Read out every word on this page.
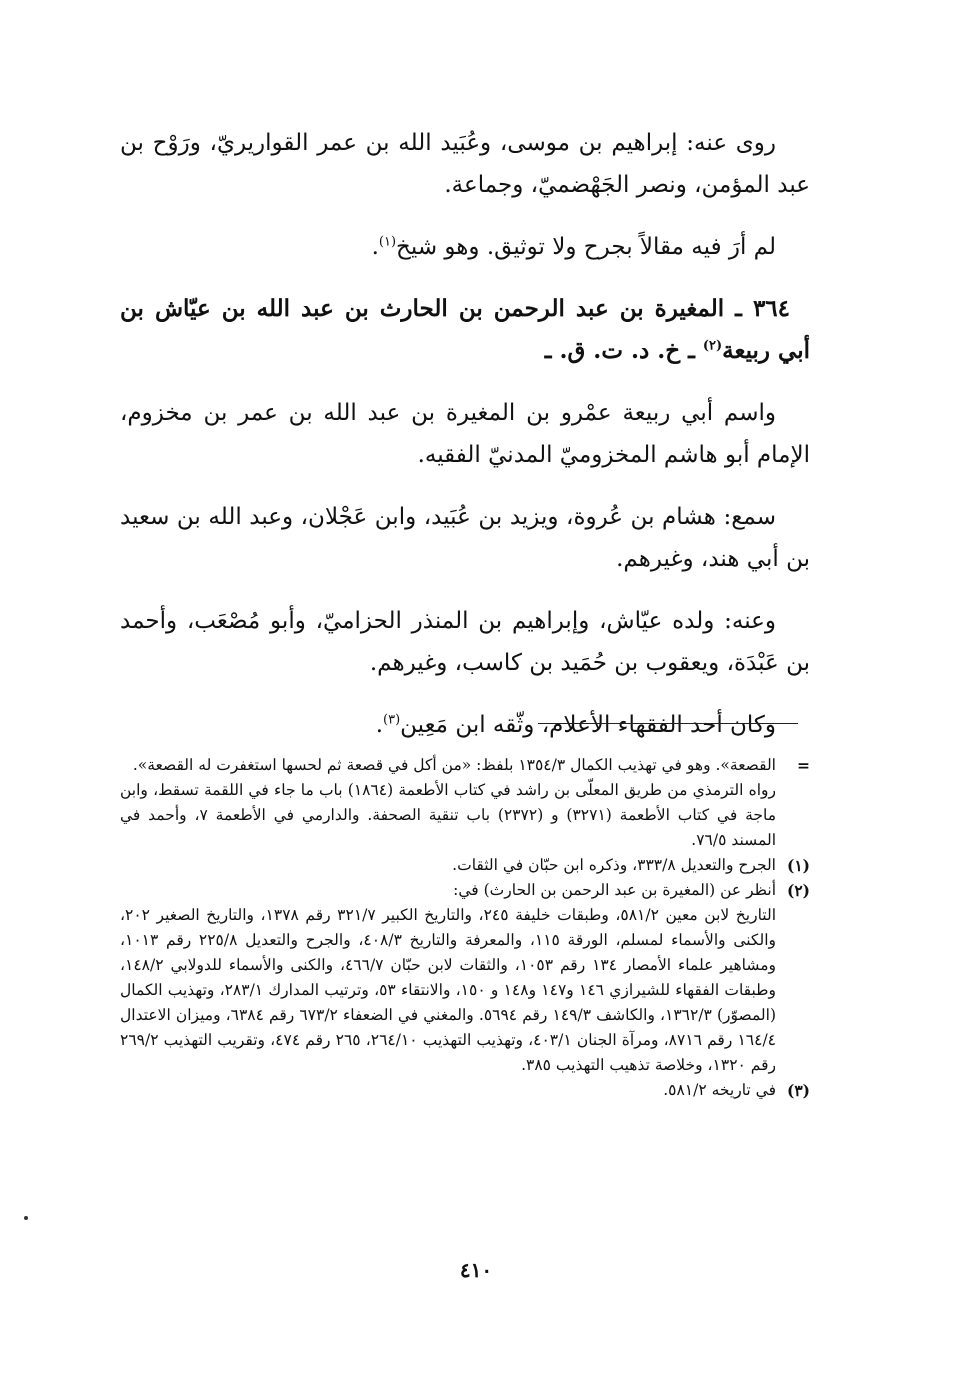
روى عنه: إبراهيم بن موسى، وعُبَيد الله بن عمر القواريريّ، ورَوْح بن عبد المؤمن، ونصر الجَهْضميّ، وجماعة.

لم أرَ فيه مقالاً بجرح ولا توثيق. وهو شيخ$^{(١)}$.

٣٦٤ ـ المغيرة بن عبد الرحمن بن الحارث بن عبد الله بن عيّاش بن أبي ربيعة$^{(٢)}$ ـ خ. د. ت. ق. ـ

واسم أبي ربيعة عمْرو بن المغيرة بن عبد الله بن عمر بن مخزوم، الإمام أبو هاشم المخزوميّ المدنيّ الفقيه.

سمع: هشام بن عُروة، ويزيد بن عُبَيد، وابن عَجْلان، وعبد الله بن سعيد بن أبي هند، وغيرهم.

وعنه: ولده عيّاش، وإبراهيم بن المنذر الحزاميّ، وأبو مُصْعَب، وأحمد بن عَبْدَة، ويعقوب بن حُمَيد بن كاسب، وغيرهم.

وكان أحد الفقهاء الأعلام، وثّقه ابن مَعِين$^{(٣)}$.

=
القصعة». وهو في تهذيب الكمال ١٣٥٤/٣ بلفظ: «من أكل في قصعة ثم لحسها استغفرت له القصعة».
رواه الترمذي من طريق المعلّى بن راشد في كتاب الأطعمة (١٨٦٤) باب ما جاء في اللقمة تسقط، وابن ماجة في كتاب الأطعمة (٣٢٧١) و (٢٣٧٢) باب تنقية الصحفة. والدارمي في الأطعمة ٧، وأحمد في المسند ٧٦/٥.
(١)
الجرح والتعديل ٣٣٣/٨، وذكره ابن حبّان في الثقات.
(٢)
أنظر عن (المغيرة بن عبد الرحمن بن الحارث) في:
التاريخ لابن معين ٥٨١/٢، وطبقات خليفة ٢٤٥، والتاريخ الكبير ٣٢١/٧ رقم ١٣٧٨، والتاريخ الصغير ٢٠٢، والكنى والأسماء لمسلم، الورقة ١١٥، والمعرفة والتاريخ ٤٠٨/٣، والجرح والتعديل ٢٢٥/٨ رقم ١٠١٣، ومشاهير علماء الأمصار ١٣٤ رقم ١٠٥٣، والثقات لابن حبّان ٤٦٦/٧، والكنى والأسماء للدولابي ١٤٨/٢، وطبقات الفقهاء للشيرازي ١٤٦ و١٤٧ و١٤٨ و ١٥٠، والانتقاء ٥٣، وترتيب المدارك ٢٨٣/١، وتهذيب الكمال (المصوّر) ١٣٦٢/٣، والكاشف ١٤٩/٣ رقم ٥٦٩٤. والمغني في الضعفاء ٦٧٣/٢ رقم ٦٣٨٤، وميزان الاعتدال ١٦٤/٤ رقم ٨٧١٦، ومرآة الجنان ٤٠٣/١، وتهذيب التهذيب ٢٦٤/١٠، ٢٦٥ رقم ٤٧٤، وتقريب التهذيب ٢٦٩/٢ رقم ١٣٢٠، وخلاصة تذهيب التهذيب ٣٨٥.
(٣)
في تاريخه ٥٨١/٢.
٤١٠
